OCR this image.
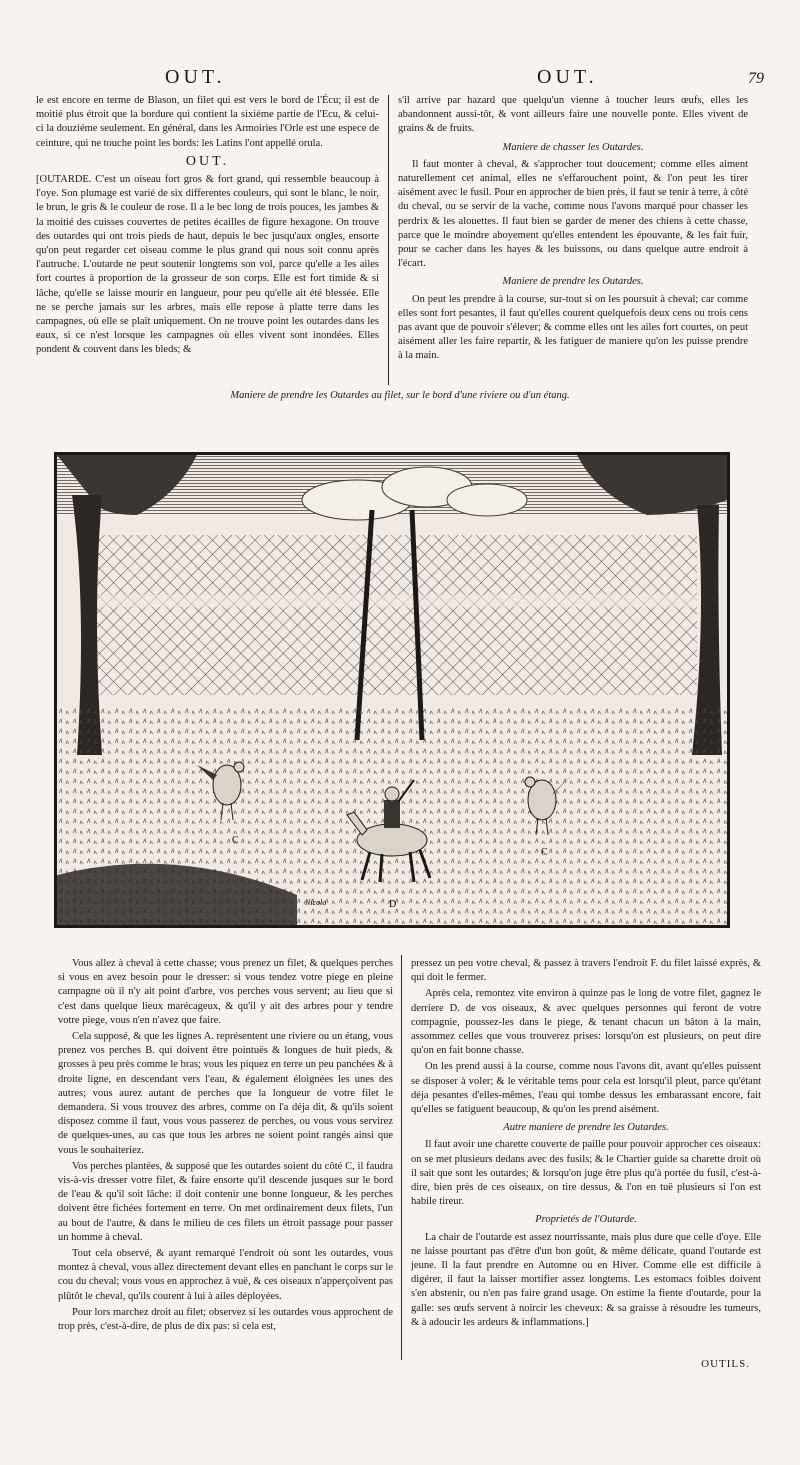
OUT.	OUT.	79

le est encore en terme de Blason, un filet qui est vers le bord de l'Écu; il est de moitié plus étroit que la bordure qui contient la sixiéme partie de l'Ecu, & celui-ci la douziéme seulement. En général, dans les Armoiries l'Orle est une espece de ceinture, qui ne touche point les bords: les Latins l'ont appellé orula.

OUT.

[OUTARDE. C'est un oiseau fort gros & fort grand, qui ressemble beaucoup à l'oye. Son plumage est varié de six differentes couleurs, qui sont le blanc, le noir, le brun, le gris & le couleur de rose. Il a le bec long de trois pouces, les jambes & la moitié des cuisses couvertes de petites écailles de figure hexagone. On trouve des outardes qui ont trois pieds de haut, depuis le bec jusqu'aux ongles, ensorte qu'on peut regarder cet oiseau comme le plus grand qui nous soit connu après l'autruche. L'outarde ne peut soutenir longtems son vol, parce qu'elle a les ailes fort courtes à proportion de la grosseur de son corps. Elle est fort timide & si lâche, qu'elle se laisse mourir en langueur, pour peu qu'elle ait été blessée. Elle ne se perche jamais sur les arbres, mais elle repose à platte terre dans les campagnes, où elle se plaît uniquement. On ne trouve point les outardes dans les eaux, si ce n'est lorsque les campagnes où elles vivent sont inondées. Elles pondent & couvent dans les bleds; &

s'il arrive par hazard que quelqu'un vienne à toucher leurs œufs, elles les abandonnent aussi-tôt, & vont ailleurs faire une nouvelle ponte. Elles vivent de grains & de fruits.

Maniere de chasser les Outardes.

Il faut monter à cheval, & s'approcher tout doucement; comme elles aiment naturellement cet animal, elles ne s'effarouchent point, & l'on peut les tirer aisément avec le fusil. Pour en approcher de bien près, il faut se tenir à terre, à côté du cheval, ou se servir de la vache, comme nous l'avons marqué pour chasser les perdrix & les alouettes. Il faut bien se garder de mener des chiens à cette chasse, parce que le moindre aboyement qu'elles entendent les épouvante, & les fait fuir, pour se cacher dans les hayes & les buissons, ou dans quelque autre endroit à l'écart.

Maniere de prendre les Outardes.

On peut les prendre à la course, sur-tout si on les poursuit à cheval; car comme elles sont fort pesantes, il faut qu'elles courent quelquefois deux cens ou trois cens pas avant que de pouvoir s'élever; & comme elles ont les ailes fort courtes, on peut aisément aller les faire repartir, & les fatiguer de maniere qu'on les puisse prendre à la main.

Maniere de prendre les Outardes au filet, sur le bord d'une riviere ou d'un étang.
C
C
D
Nicolo

Vous allez à cheval à cette chasse; vous prenez un filet, & quelques perches si vous en avez besoin pour le dresser: si vous tendez votre piege en pleine campagne où il n'y ait point d'arbre, vos perches vous servent; au lieu que si c'est dans quelque lieux marécageux, & qu'il y ait des arbres pour y tendre votre piege, vous n'en n'avez que faire.

Cela supposé, & que les lignes A. représentent une riviere ou un étang, vous prenez vos perches B. qui doivent être pointuës & longues de huit pieds, & grosses à peu près comme le bras; vous les piquez en terre un peu panchées & à droite ligne, en descendant vers l'eau, & également éloignées les unes des autres; vous aurez autant de perches que la longueur de votre filet le demandera. Si vous trouvez des arbres, comme on l'a déja dit, & qu'ils soient disposez comme il faut, vous vous passerez de perches, ou vous vous servirez de quelques-unes, au cas que tous les arbres ne soient point rangés ainsi que vous le souhaiteriez.

Vos perches plantées, & supposé que les outardes soient du côté C, il faudra vis-à-vis dresser votre filet, & faire ensorte qu'il descende jusques sur le bord de l'eau & qu'il soit lâche: il doit contenir une bonne longueur, & les perches doivent être fichées fortement en terre. On met ordinairement deux filets, l'un au bout de l'autre, & dans le milieu de ces filets un étroit passage pour passer un homme à cheval.

Tout cela observé, & ayant remarqué l'endroit où sont les outardes, vous montez à cheval, vous allez directement devant elles en panchant le corps sur le cou du cheval; vous vous en approchez à vuë, & ces oiseaux n'apperçoivent pas plûtôt le cheval, qu'ils courent à lui à ailes déployées.

Pour lors marchez droit au filet; observez si les outardes vous approchent de trop près, c'est-à-dire, de plus de dix pas: si cela est,

pressez un peu votre cheval, & passez à travers l'endroit F. du filet laissé exprès, & qui doit le fermer.

Après cela, remontez vite environ à quinze pas le long de votre filet, gagnez le derriere D. de vos oiseaux, & avec quelques personnes qui feront de votre compagnie, poussez-les dans le piege, & tenant chacun un bâton à la main, assommez celles que vous trouverez prises: lorsqu'on est plusieurs, on peut dire qu'on en fait bonne chasse.

On les prend aussi à la course, comme nous l'avons dit, avant qu'elles puissent se disposer à voler; & le véritable tems pour cela est lorsqu'il pleut, parce qu'étant déja pesantes d'elles-mêmes, l'eau qui tombe dessus les embarassant encore, fait qu'elles se fatiguent beaucoup, & qu'on les prend aisément.

Autre maniere de prendre les Outardes.

Il faut avoir une charette couverte de paille pour pouvoir approcher ces oiseaux: on se met plusieurs dedans avec des fusils; & le Chartier guide sa charette droit où il sait que sont les outardes; & lorsqu'on juge être plus qu'à portée du fusil, c'est-à-dire, bien près de ces oiseaux, on tire dessus, & l'on en tuë plusieurs si l'on est habile tireur.

Proprietés de l'Outarde.

La chair de l'outarde est assez nourrissante, mais plus dure que celle d'oye. Elle ne laisse pourtant pas d'être d'un bon goût, & même délicate, quand l'outarde est jeune. Il la faut prendre en Automne ou en Hiver. Comme elle est difficile à digérer, il faut la laisser mortifier assez longtems. Les estomacs foibles doivent s'en abstenir, ou n'en pas faire grand usage. On estime la fiente d'outarde, pour la galle: ses œufs servent à noircir les cheveux: & sa graisse à résoudre les tumeurs, & à adoucir les ardeurs & inflammations.]

OUTILS.
